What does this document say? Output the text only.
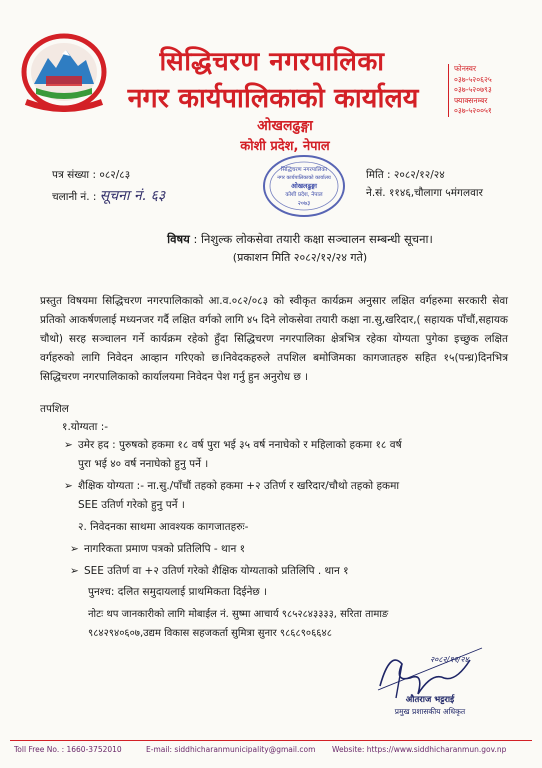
सिद्धिचरण नगरपालिका
नगर कार्यपालिकाको कार्यालय
ओखलढुङ्गा
कोशी प्रदेश, नेपाल
फोनस्वर
०३७-५२०६२५
०३७-५२०७९३
फ्याक्सनम्बर
०३७-५२००५१
पत्र संख्या : ०८२/८३
चलानी नं. : सूचना नं. ६३
मिति : २०८२/१२/२४
ने.सं. ११४६,चौलागा ५मंगलवार
सिद्धिचरण नगरपालिका
नगर कार्यपालिकाको कार्यालय
ओखलढुङ्गा
कोशी प्रदेश, नेपाल
२०७३
विषय : निशुल्क लोकसेवा तयारी कक्षा सञ्चालन सम्बन्धी सूचना।
(प्रकाशन मिति २०८२/१२/२४ गते)
प्रस्तुत विषयमा सिद्धिचरण नगरपालिकाको आ.व.०८२/०८३ को स्वीकृत कार्यक्रम अनुसार लक्षित वर्गहरुमा सरकारी सेवा प्रतिको आकर्षणलाई मध्यनजर गर्दै लक्षित वर्गको लागि ४५ दिने लोकसेवा तयारी कक्षा ना.सु,खरिदार,( सहायक पाँचौं,सहायक चौथो) सरह सञ्चालन गर्ने कार्यक्रम रहेको हुँदा सिद्धिचरण नगरपालिका क्षेत्रभित्र रहेका योग्यता पुगेका इच्छुक लक्षित वर्गहरुको लागि निवेदन आव्हान गरिएको छ।निवेदकहरुले तपशिल बमोजिमका कागजातहरु सहित १५(पन्ध्र)दिनभित्र सिद्धिचरण नगरपालिकाको कार्यालयमा निवेदन पेश गर्नु हुन अनुरोध छ ।
तपशिल
१.योग्यता :-
➢ उमेर हद : पुरुषको हकमा १८ वर्ष पुरा भई ३५ वर्ष ननाघेको र महिलाको हकमा १८ वर्ष
पुरा भई ४० वर्ष ननाघेको हुनु पर्ने ।
➢ शैक्षिक योग्यता :- ना.सु./पाँचौं तहको हकमा +२ उतिर्ण र खरिदार/चौथो तहको हकमा
SEE उतिर्ण गरेको हुनु पर्ने ।
२. निवेदनका साथमा आवश्यक कागजातहरुः-
➢ नागरिकता प्रमाण पत्रको प्रतिलिपि - थान १
➢ SEE उतिर्ण वा +२ उतिर्ण गरेको शैक्षिक योग्यताको प्रतिलिपि . थान १
पुनश्च: दलित समुदायलाई प्राथमिकता दिईनेछ ।
नोटः थप जानकारीको लागि मोबाईल नं. सुष्मा आचार्य ९८५२८४३३३३, सरिता तामाङ
९८४२९४०६०७,उद्यम विकास सहजकर्ता सुमित्रा सुनार ९८६८९०६६४८
२०८२/१२/२४
औतराज भट्टराई
प्रमुख प्रशासकीय अधिकृत
Toll Free No. : 1660-3752010	E-mail: siddhicharanmunicipality@gmail.com Website: https://www.siddhicharanmun.gov.np
